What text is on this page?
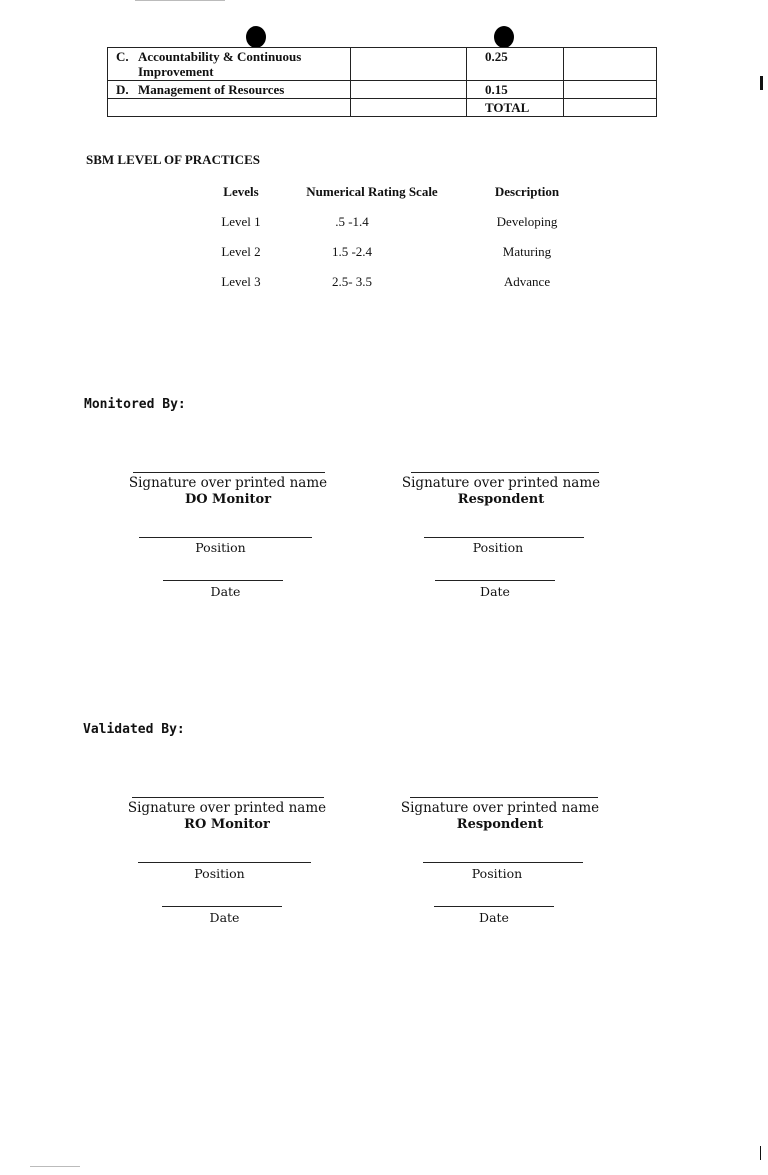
C. Accountability & Continuous Improvement		0.25	

D. Management of Resources		0.15	
		TOTAL	
SBM LEVEL OF PRACTICES
Levels	Numerical Rating Scale	Description
Level 1	.5 -1.4	Developing
Level 2	1.5 -2.4	Maturing
Level 3	2.5- 3.5	Advance
Monitored By:
Signature over printed name
DO Monitor
Position
Date
Signature over printed name
Respondent
Position
Date
Validated By:
Signature over printed name
RO Monitor
Position
Date
Signature over printed name
Respondent
Position
Date
